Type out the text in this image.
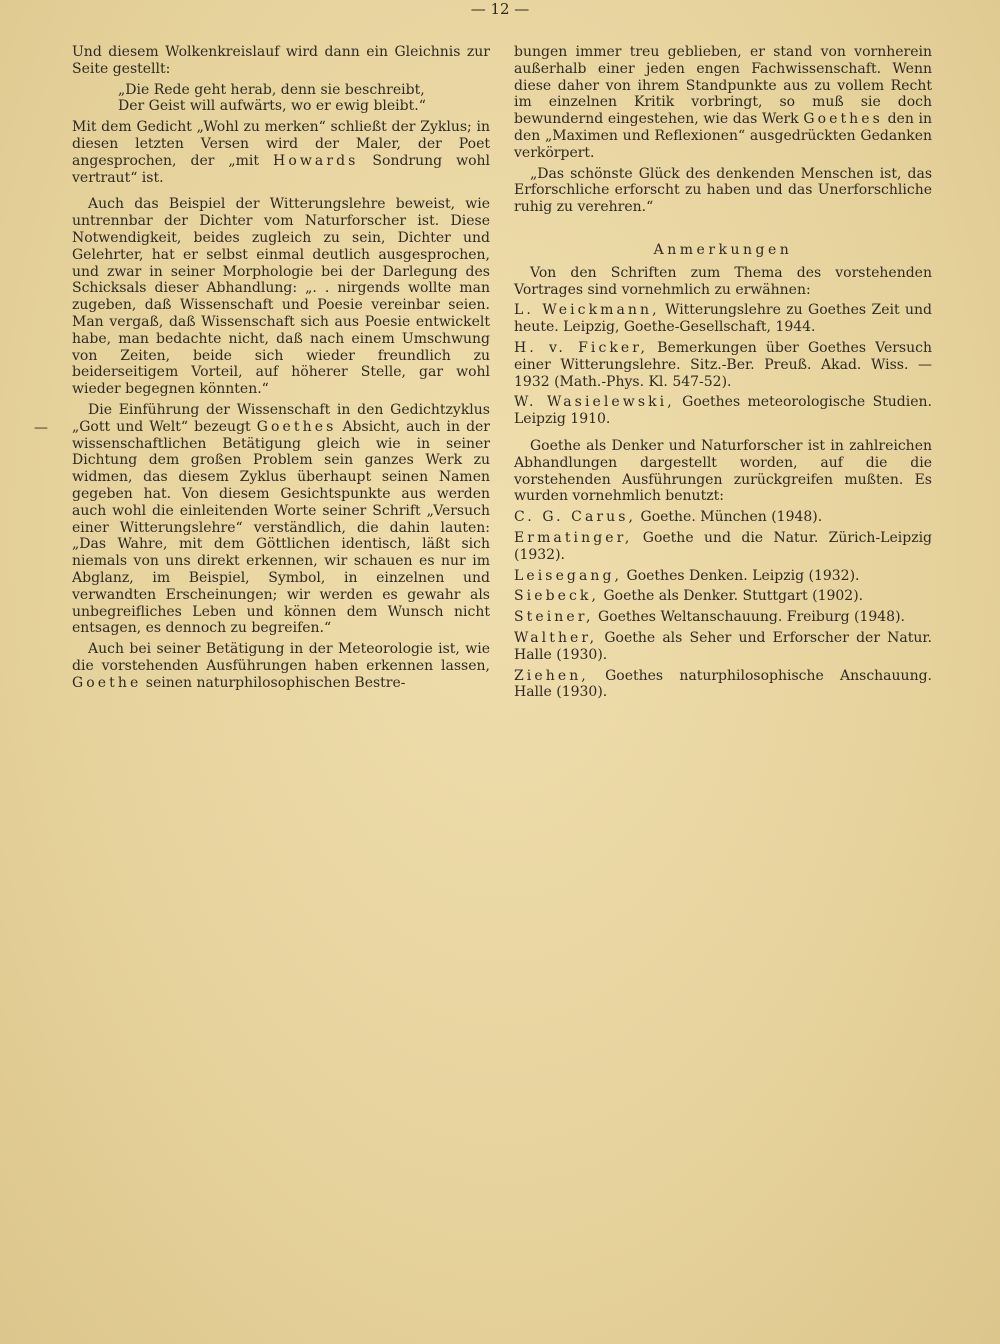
— 12 —
—

Und diesem Wolkenkreislauf wird dann ein Gleichnis zur Seite gestellt:

„Die Rede geht herab, denn sie beschreibt,
Der Geist will aufwärts, wo er ewig bleibt.“

Mit dem Gedicht „Wohl zu merken“ schließt der Zyklus; in diesen letzten Versen wird der Maler, der Poet angesprochen, der „mit Howards Sondrung wohl vertraut“ ist.

Auch das Beispiel der Witterungslehre beweist, wie untrennbar der Dichter vom Naturforscher ist. Diese Notwendigkeit, beides zugleich zu sein, Dichter und Gelehrter, hat er selbst einmal deutlich ausgesprochen, und zwar in seiner Morphologie bei der Darlegung des Schicksals dieser Abhandlung: „. . nirgends wollte man zugeben, daß Wissenschaft und Poesie vereinbar seien. Man vergaß, daß Wissenschaft sich aus Poesie entwickelt habe, man bedachte nicht, daß nach einem Umschwung von Zeiten, beide sich wieder freundlich zu beiderseitigem Vorteil, auf höherer Stelle, gar wohl wieder begegnen könnten.“

Die Einführung der Wissenschaft in den Gedichtzyklus „Gott und Welt“ bezeugt Goethes Absicht, auch in der wissenschaftlichen Betätigung gleich wie in seiner Dichtung dem großen Problem sein ganzes Werk zu widmen, das diesem Zyklus überhaupt seinen Namen gegeben hat. Von diesem Gesichtspunkte aus werden auch wohl die einleitenden Worte seiner Schrift „Versuch einer Witterungslehre“ verständlich, die dahin lauten: „Das Wahre, mit dem Göttlichen identisch, läßt sich niemals von uns direkt erkennen, wir schauen es nur im Abglanz, im Beispiel, Symbol, in einzelnen und verwandten Erscheinungen; wir werden es gewahr als unbegreifliches Leben und können dem Wunsch nicht entsagen, es dennoch zu begreifen.“

Auch bei seiner Betätigung in der Meteorologie ist, wie die vorstehenden Ausführungen haben erkennen lassen, Goethe seinen naturphilosophischen Bestre-

bungen immer treu geblieben, er stand von vornherein außerhalb einer jeden engen Fachwissenschaft. Wenn diese daher von ihrem Standpunkte aus zu vollem Recht im einzelnen Kritik vorbringt, so muß sie doch bewundernd eingestehen, wie das Werk Goethes den in den „Maximen und Reflexionen“ ausgedrückten Gedanken verkörpert.

„Das schönste Glück des denkenden Menschen ist, das Erforschliche erforscht zu haben und das Unerforschliche ruhig zu verehren.“

Anmerkungen

Von den Schriften zum Thema des vorstehenden Vortrages sind vornehmlich zu erwähnen:

L. Weickmann, Witterungslehre zu Goethes Zeit und heute. Leipzig, Goethe-Gesellschaft, 1944.

H. v. Ficker, Bemerkungen über Goethes Versuch einer Witterungslehre. Sitz.-Ber. Preuß. Akad. Wiss. — 1932 (Math.-Phys. Kl. 547-52).

W. Wasielewski, Goethes meteorologische Studien. Leipzig 1910.

Goethe als Denker und Naturforscher ist in zahlreichen Abhandlungen dargestellt worden, auf die die vorstehenden Ausführungen zurückgreifen mußten. Es wurden vornehmlich benutzt:

C. G. Carus, Goethe. München (1948).

Ermatinger, Goethe und die Natur. Zürich-Leipzig (1932).

Leisegang, Goethes Denken. Leipzig (1932).

Siebeck, Goethe als Denker. Stuttgart (1902).

Steiner, Goethes Weltanschauung. Freiburg (1948).

Walther, Goethe als Seher und Erforscher der Natur. Halle (1930).

Ziehen, Goethes naturphilosophische Anschauung. Halle (1930).
